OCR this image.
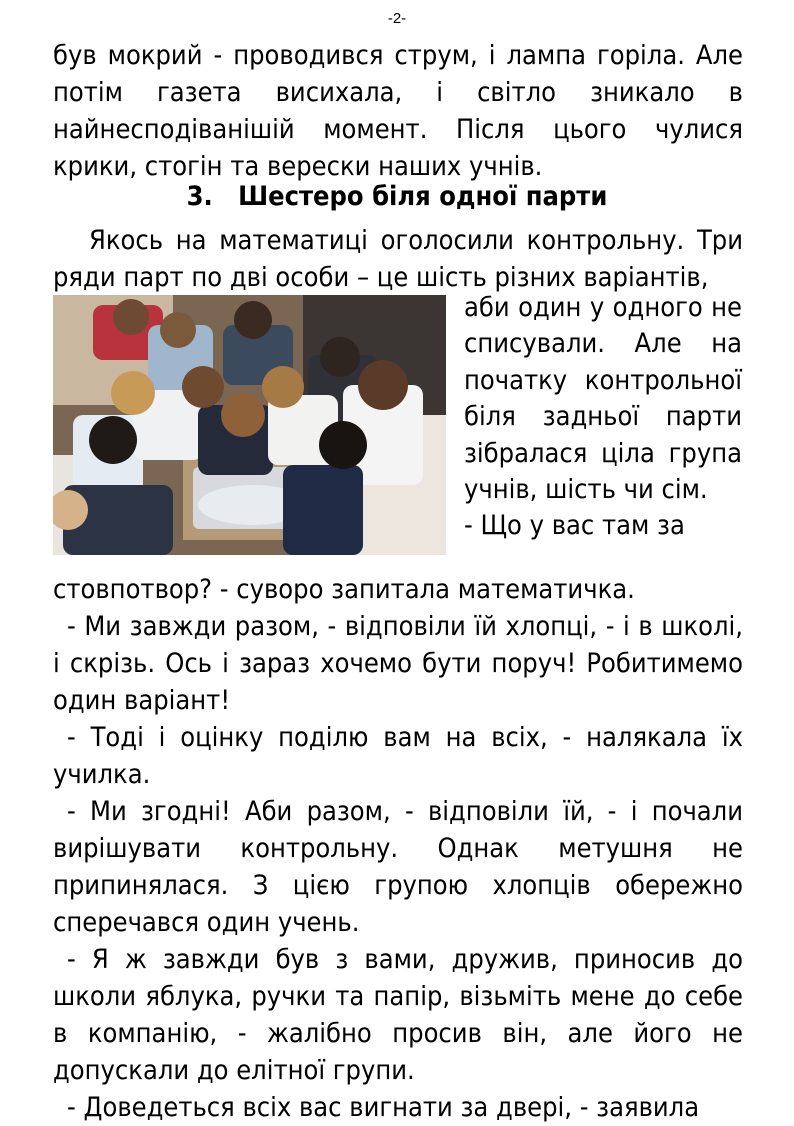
-2-

був мокрий - проводився струм, і лампа горіла. Але потім газета висихала, і світло зникало в найнесподіванішій момент. Після цього чулися крики, стогін та верески наших учнів.

3. Шестеро біля одної парти

Якось на математиці оголосили контрольну. Три ряди парт по дві особи – це шість різних варіантів,

аби один у одного не списували. Але на початку контрольної біля задньої парти зібралася ціла група учнів, шість чи сім.

- Що у вас там за

стовпотвор? - суворо запитала математичка.

- Ми завжди разом, - відповіли їй хлопці, - і в школі, і скрізь. Ось і зараз хочемо бути поруч! Робитимемо один варіант!

- Тоді і оцінку поділю вам на всіх, - налякала їх училка.

- Ми згодні! Аби разом, - відповіли їй, - і почали вирішувати контрольну. Однак метушня не припинялася. З цією групою хлопців обережно сперечався один учень.

- Я ж завжди був з вами, дружив, приносив до школи яблука, ручки та папір, візьміть мене до себе в компанію, - жалібно просив він, але його не допускали до елітної групи.

- Доведеться всіх вас вигнати за двері, - заявила
